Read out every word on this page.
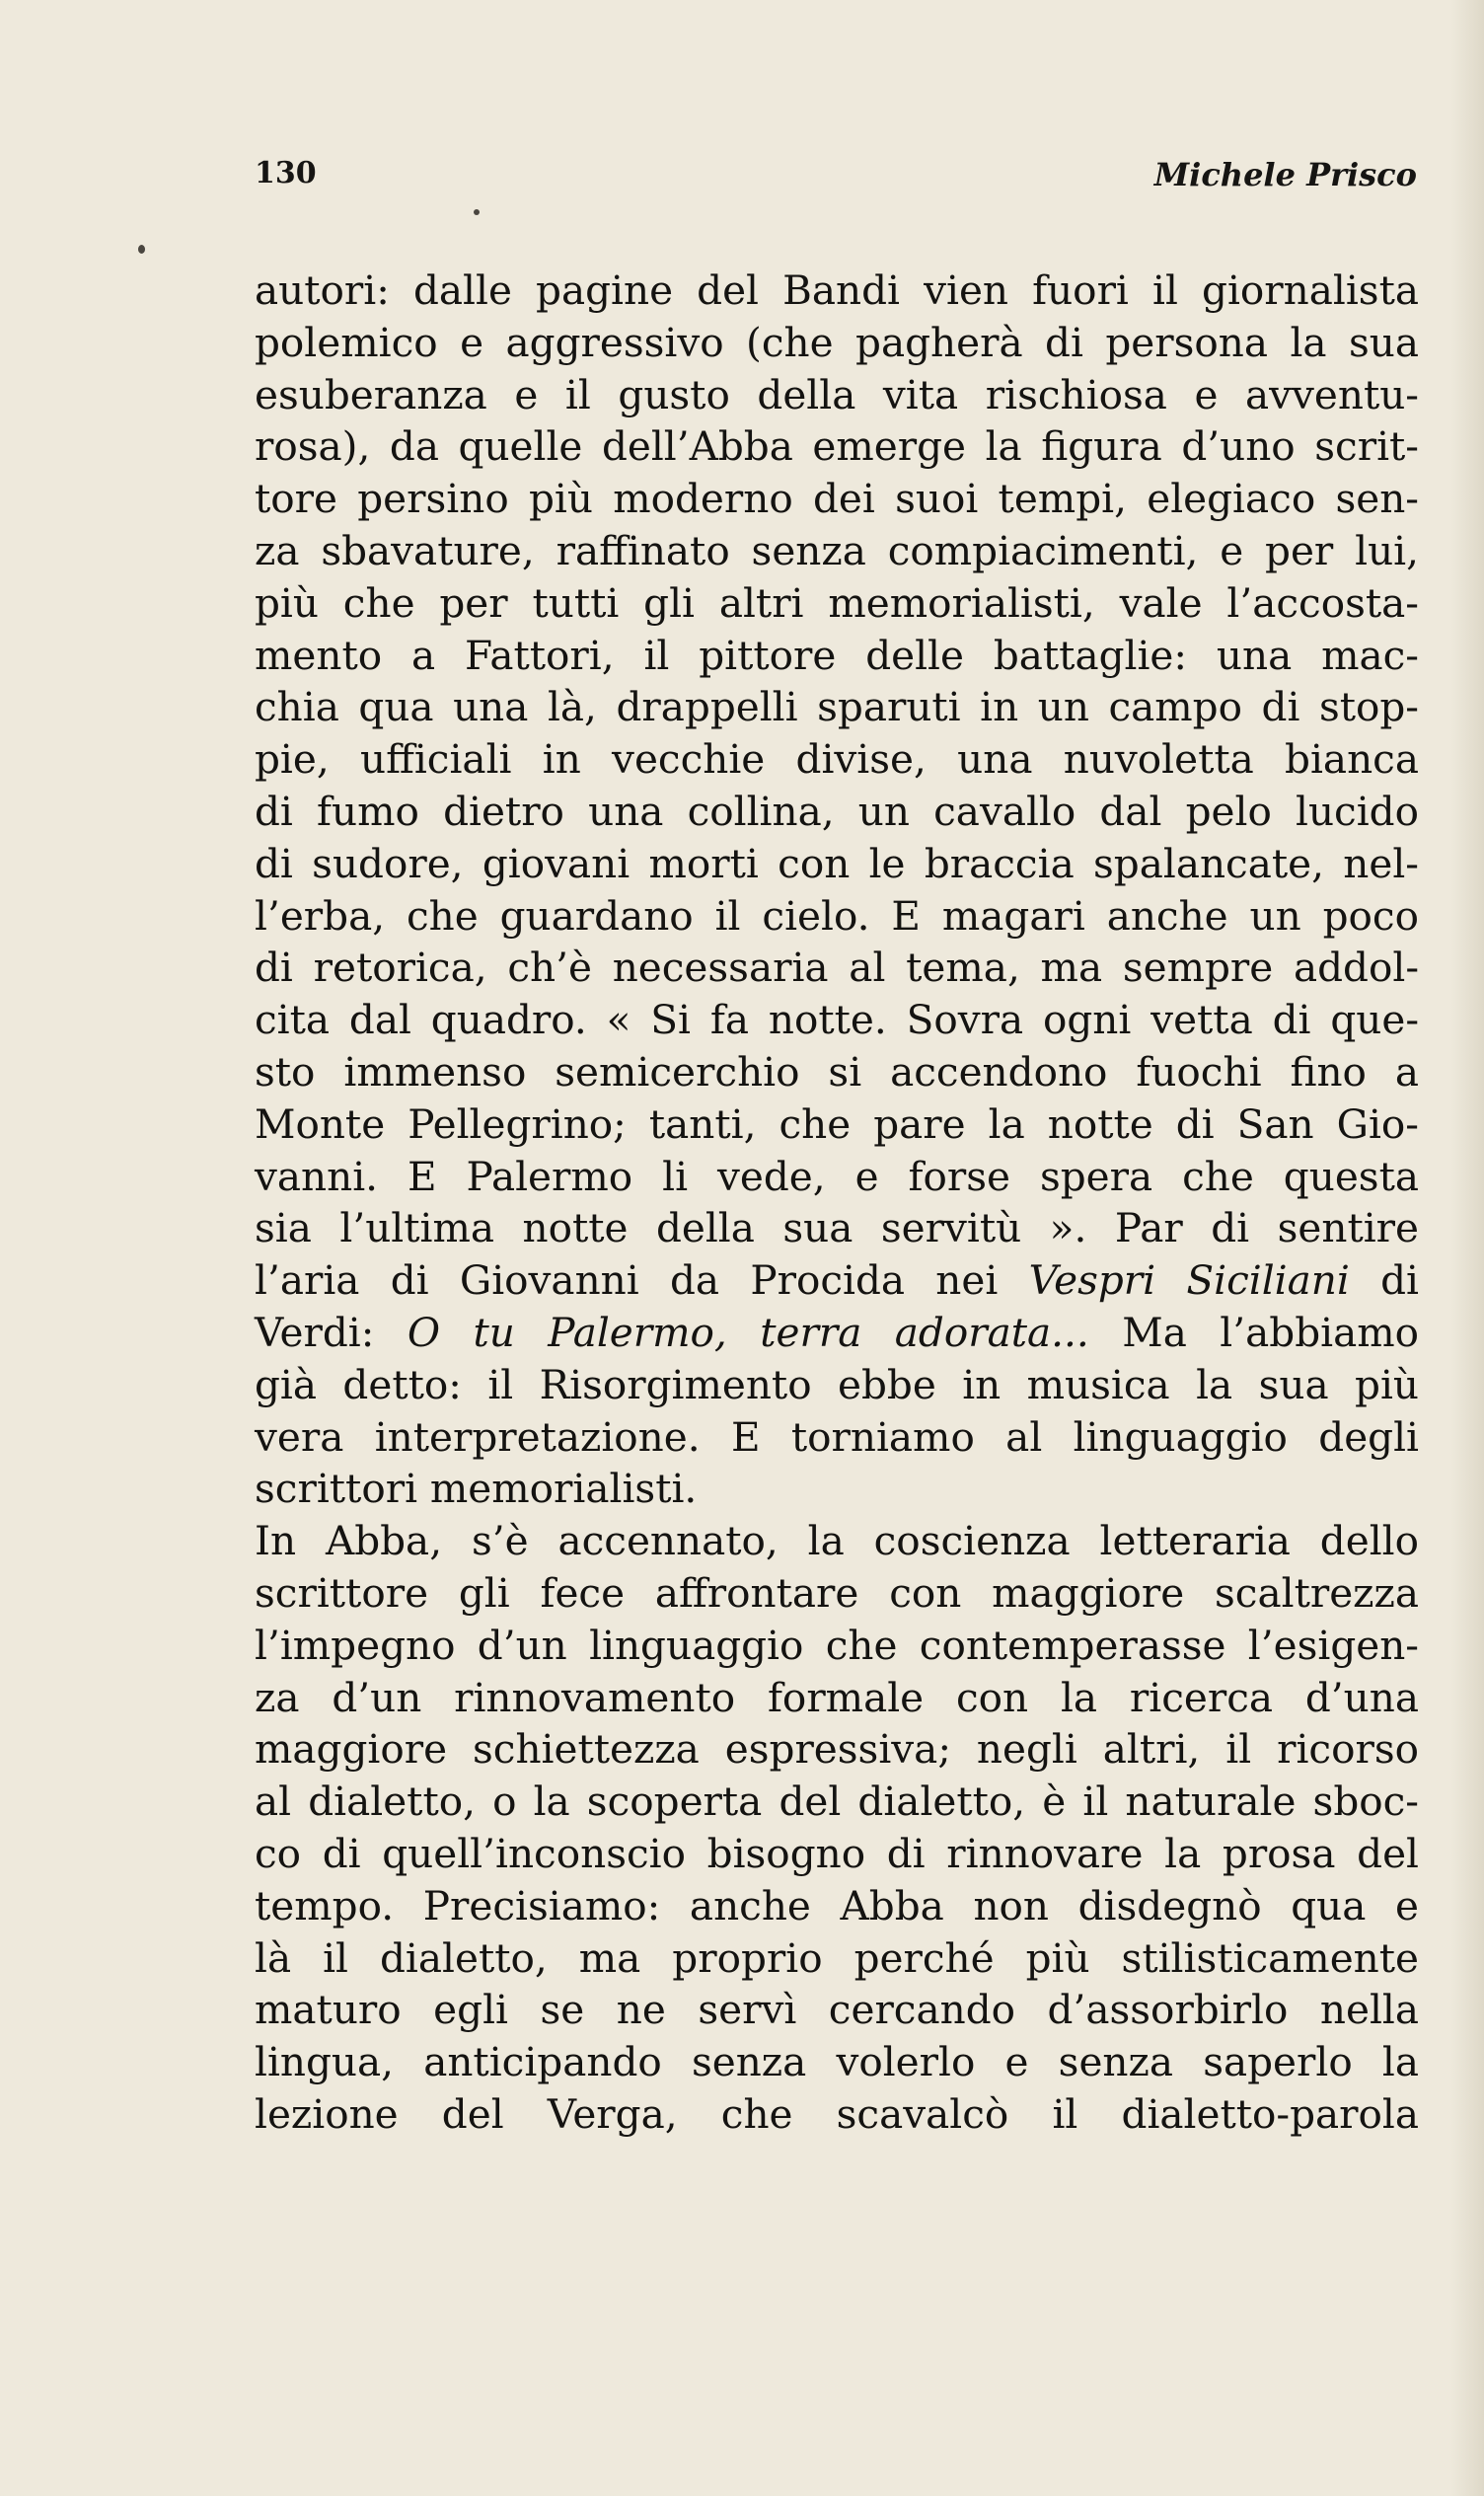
130	Michele Prisco
autori: dalle pagine del Bandi vien fuori il giornalista
polemico e aggressivo (che pagherà di persona la sua
esuberanza e il gusto della vita rischiosa e avventu-
rosa), da quelle dell’Abba emerge la figura d’uno scrit-
tore persino più moderno dei suoi tempi, elegiaco sen-
za sbavature, raffinato senza compiacimenti, e per lui,
più che per tutti gli altri memorialisti, vale l’accosta-
mento a Fattori, il pittore delle battaglie: una mac-
chia qua una là, drappelli sparuti in un campo di stop-
pie, ufficiali in vecchie divise, una nuvoletta bianca
di fumo dietro una collina, un cavallo dal pelo lucido
di sudore, giovani morti con le braccia spalancate, nel-
l’erba, che guardano il cielo. E magari anche un poco
di retorica, ch’è necessaria al tema, ma sempre addol-
cita dal quadro. « Si fa notte. Sovra ogni vetta di que-
sto immenso semicerchio si accendono fuochi fino a
Monte Pellegrino; tanti, che pare la notte di San Gio-
vanni. E Palermo li vede, e forse spera che questa
sia l’ultima notte della sua servitù ». Par di sentire
l’aria di Giovanni da Procida nei Vespri Siciliani di
Verdi: O tu Palermo, terra adorata... Ma l’abbiamo
già detto: il Risorgimento ebbe in musica la sua più
vera interpretazione. E torniamo al linguaggio degli
scrittori memorialisti.
In Abba, s’è accennato, la coscienza letteraria dello
scrittore gli fece affrontare con maggiore scaltrezza
l’impegno d’un linguaggio che contemperasse l’esigen-
za d’un rinnovamento formale con la ricerca d’una
maggiore schiettezza espressiva; negli altri, il ricorso
al dialetto, o la scoperta del dialetto, è il naturale sboc-
co di quell’inconscio bisogno di rinnovare la prosa del
tempo. Precisiamo: anche Abba non disdegnò qua e
là il dialetto, ma proprio perché più stilisticamente
maturo egli se ne servì cercando d’assorbirlo nella
lingua, anticipando senza volerlo e senza saperlo la
lezione del Verga, che scavalcò il dialetto-parola
